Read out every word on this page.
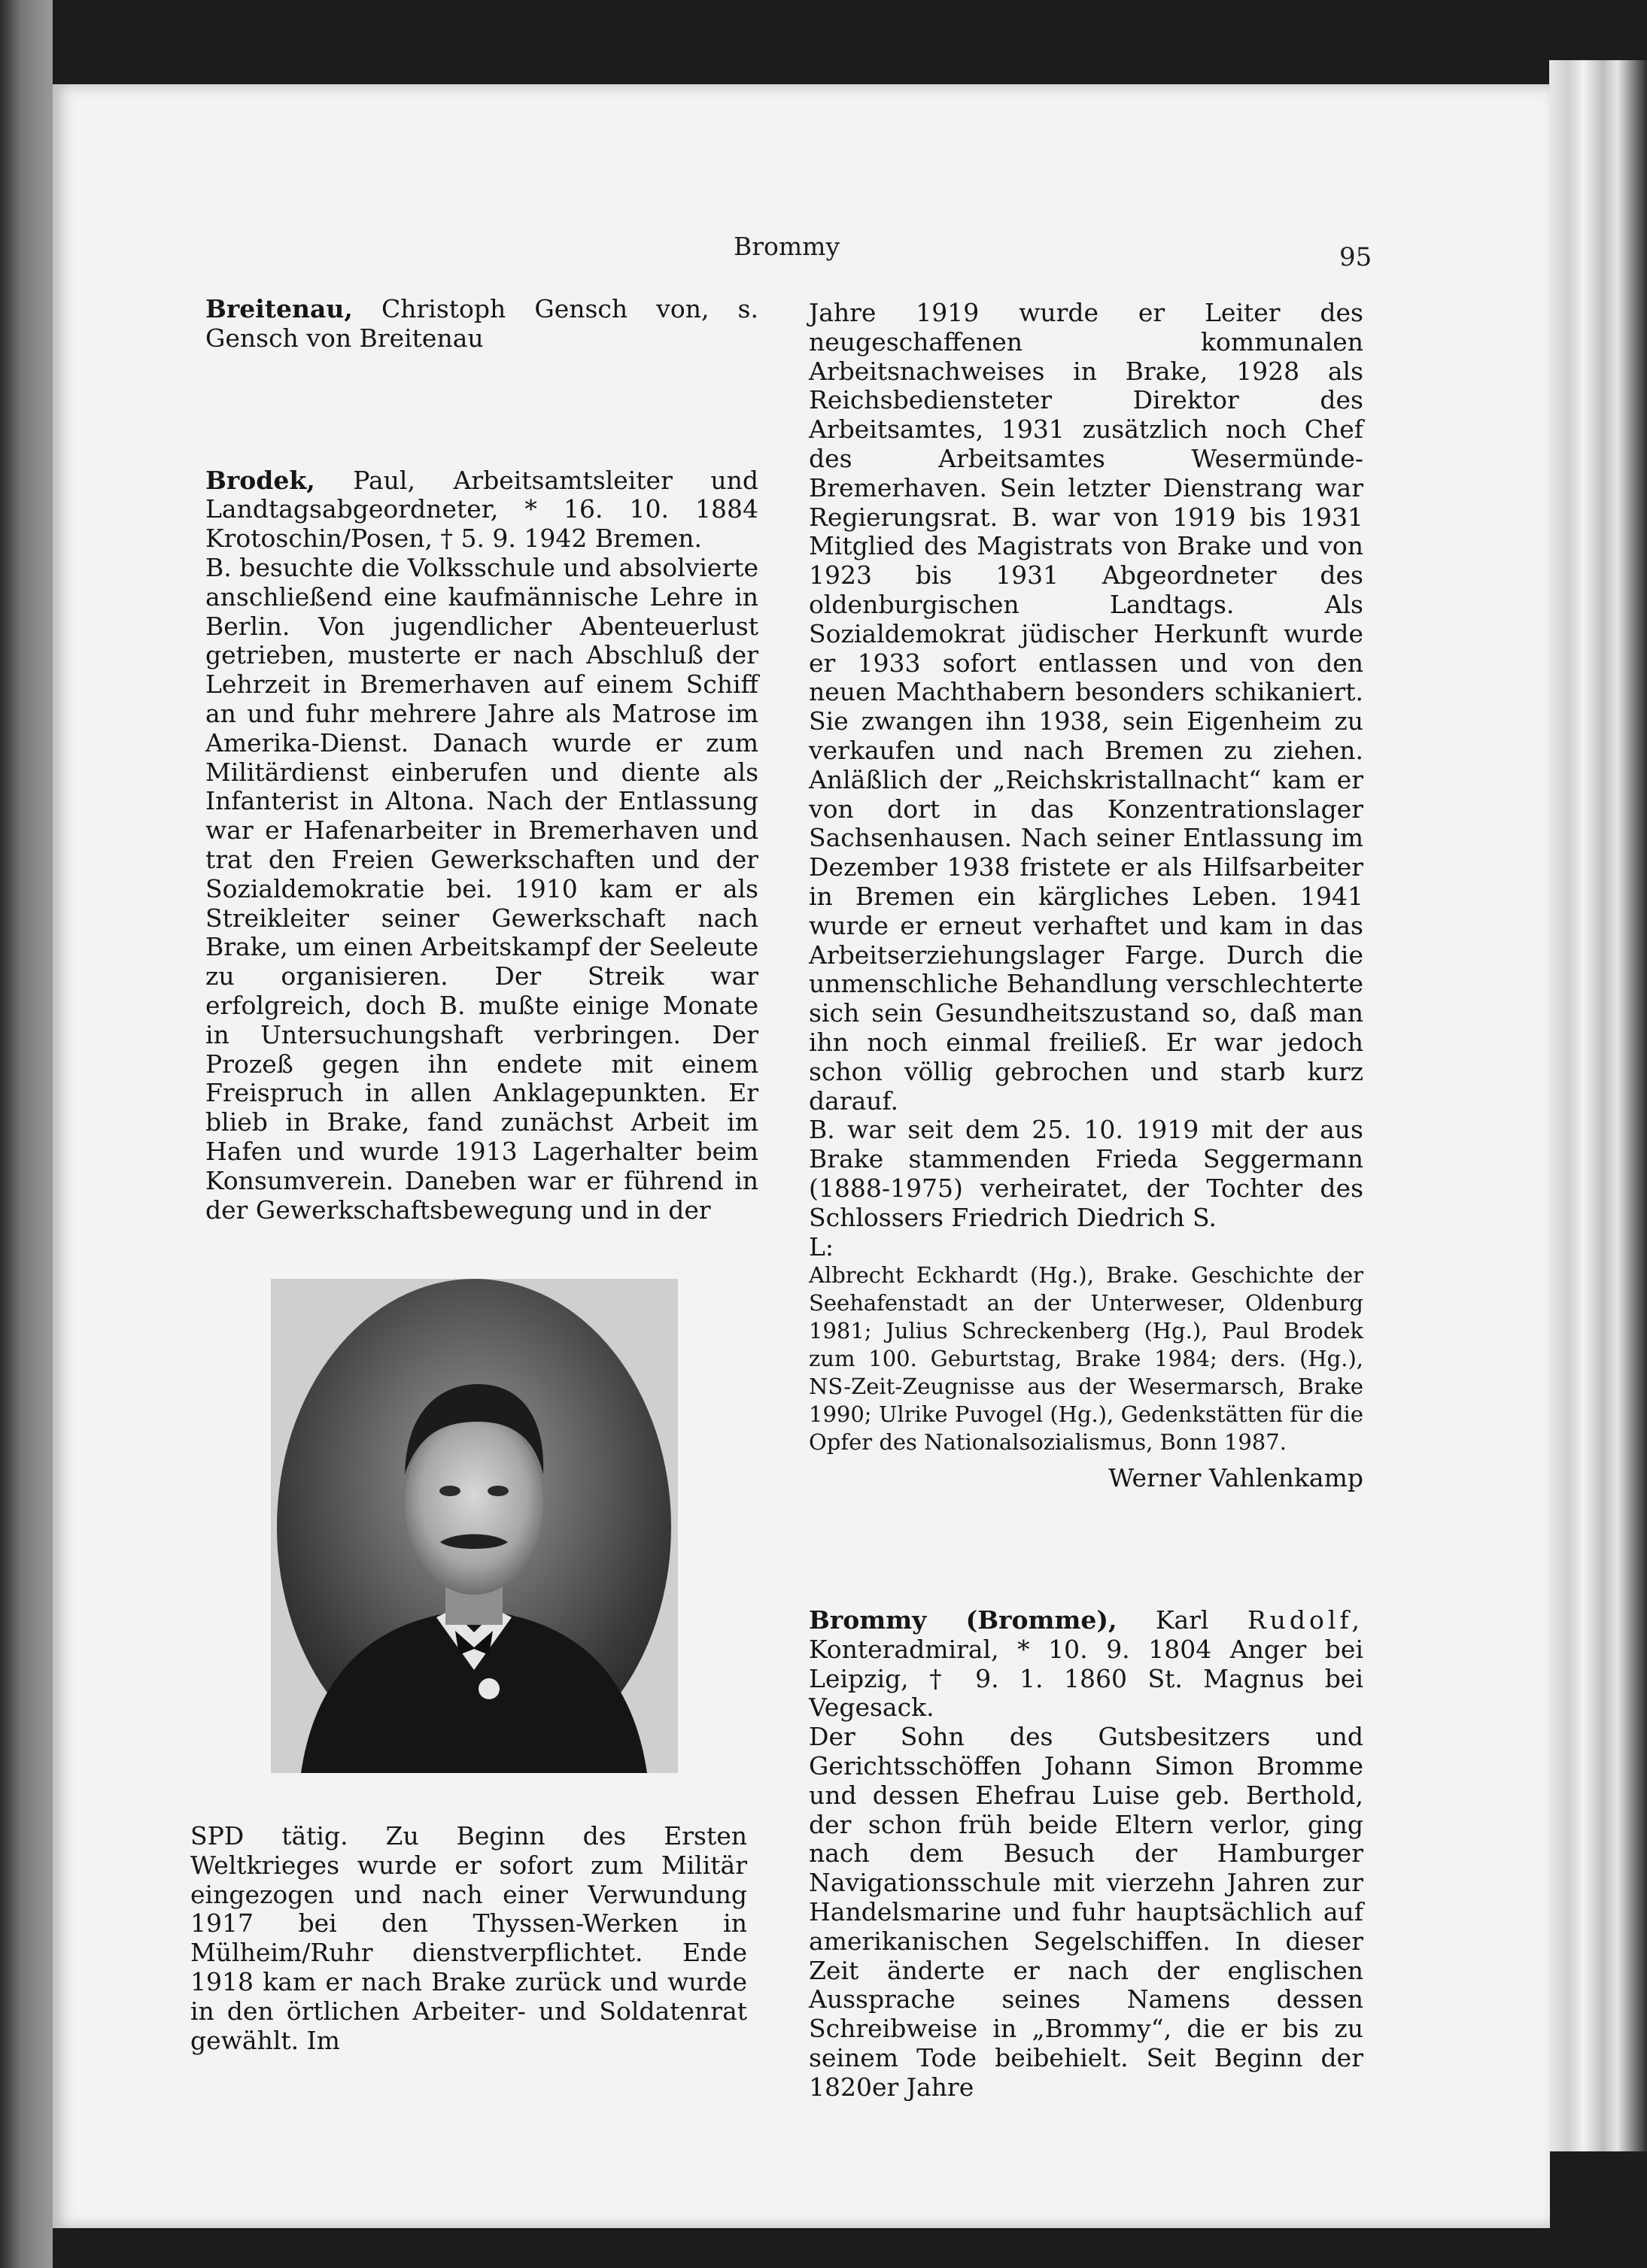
Brommy	95

Breitenau, Christoph Gensch von, s. Gensch von Breitenau

Brodek, Paul, Arbeitsamtsleiter und Landtagsabgeordneter, * 16. 10. 1884 Krotoschin/Posen, † 5. 9. 1942 Bremen.

B. besuchte die Volksschule und absolvierte anschließend eine kaufmännische Lehre in Berlin. Von jugendlicher Abenteuerlust getrieben, musterte er nach Abschluß der Lehrzeit in Bremerhaven auf einem Schiff an und fuhr mehrere Jahre als Matrose im Amerika-Dienst. Danach wurde er zum Militärdienst einberufen und diente als Infanterist in Altona. Nach der Entlassung war er Hafenarbeiter in Bremerhaven und trat den Freien Gewerkschaften und der Sozialdemokratie bei. 1910 kam er als Streikleiter seiner Gewerkschaft nach Brake, um einen Arbeitskampf der Seeleute zu organisieren. Der Streik war erfolgreich, doch B. mußte einige Monate in Untersuchungshaft verbringen. Der Prozeß gegen ihn endete mit einem Freispruch in allen Anklagepunkten. Er blieb in Brake, fand zunächst Arbeit im Hafen und wurde 1913 Lagerhalter beim Konsumverein. Daneben war er führend in der Gewerkschaftsbewegung und in der

SPD tätig. Zu Beginn des Ersten Weltkrieges wurde er sofort zum Militär eingezogen und nach einer Verwundung 1917 bei den Thyssen-Werken in Mülheim/Ruhr dienstverpflichtet. Ende 1918 kam er nach Brake zurück und wurde in den örtlichen Arbeiter- und Soldatenrat gewählt. Im

Jahre 1919 wurde er Leiter des neugeschaffenen kommunalen Arbeitsnachweises in Brake, 1928 als Reichsbediensteter Direktor des Arbeitsamtes, 1931 zusätzlich noch Chef des Arbeitsamtes Wesermünde-Bremerhaven. Sein letzter Dienstrang war Regierungsrat. B. war von 1919 bis 1931 Mitglied des Magistrats von Brake und von 1923 bis 1931 Abgeordneter des oldenburgischen Landtags. Als Sozialdemokrat jüdischer Herkunft wurde er 1933 sofort entlassen und von den neuen Machthabern besonders schikaniert. Sie zwangen ihn 1938, sein Eigenheim zu verkaufen und nach Bremen zu ziehen. Anläßlich der „Reichskristallnacht“ kam er von dort in das Konzentrationslager Sachsenhausen. Nach seiner Entlassung im Dezember 1938 fristete er als Hilfsarbeiter in Bremen ein kärgliches Leben. 1941 wurde er erneut verhaftet und kam in das Arbeitserziehungslager Farge. Durch die unmenschliche Behandlung verschlechterte sich sein Gesundheitszustand so, daß man ihn noch einmal freiließ. Er war jedoch schon völlig gebrochen und starb kurz darauf.

B. war seit dem 25. 10. 1919 mit der aus Brake stammenden Frieda Seggermann (1888-1975) verheiratet, der Tochter des Schlossers Friedrich Diedrich S.

L:

Albrecht Eckhardt (Hg.), Brake. Geschichte der Seehafenstadt an der Unterweser, Oldenburg 1981; Julius Schreckenberg (Hg.), Paul Brodek zum 100. Geburtstag, Brake 1984; ders. (Hg.), NS-Zeit-Zeugnisse aus der Wesermarsch, Brake 1990; Ulrike Puvogel (Hg.), Gedenkstätten für die Opfer des Nationalsozialismus, Bonn 1987.

Werner Vahlenkamp

Brommy (Bromme), Karl Rudolf, Konteradmiral, * 10. 9. 1804 Anger bei Leipzig, † 9. 1. 1860 St. Magnus bei Vegesack.

Der Sohn des Gutsbesitzers und Gerichtsschöffen Johann Simon Bromme und dessen Ehefrau Luise geb. Berthold, der schon früh beide Eltern verlor, ging nach dem Besuch der Hamburger Navigationsschule mit vierzehn Jahren zur Handelsmarine und fuhr hauptsächlich auf amerikanischen Segelschiffen. In dieser Zeit änderte er nach der englischen Aussprache seines Namens dessen Schreibweise in „Brommy“, die er bis zu seinem Tode beibehielt. Seit Beginn der 1820er Jahre
